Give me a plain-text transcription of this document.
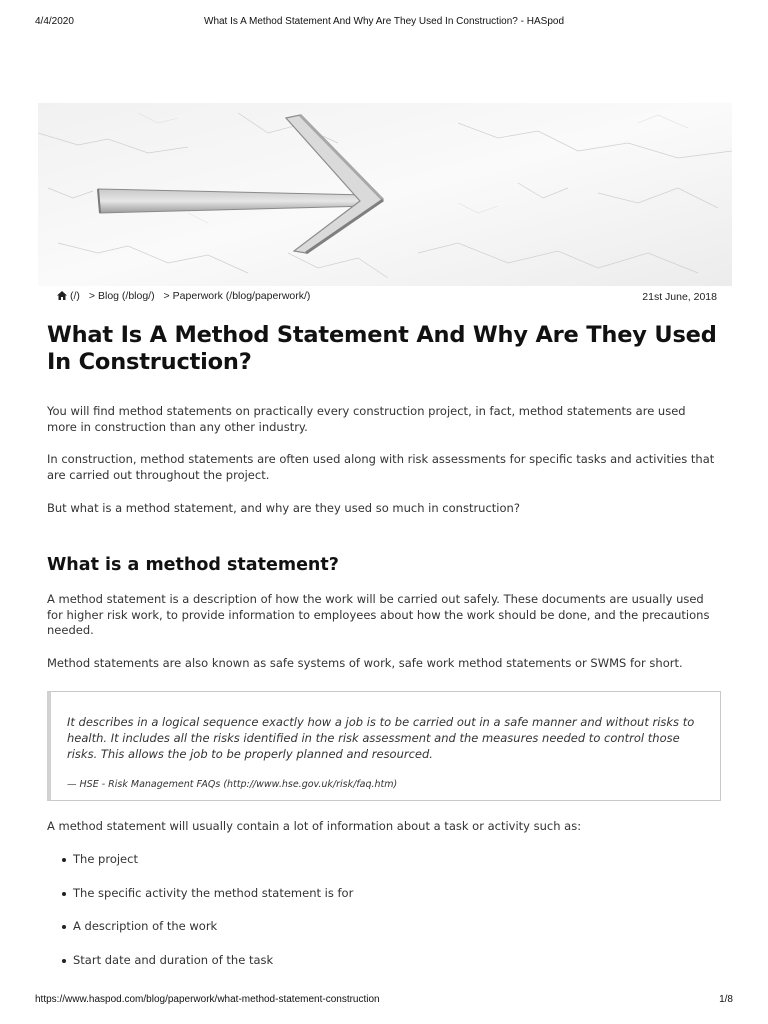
4/4/2020	What Is A Method Statement And Why Are They Used In Construction? - HASpod
(/) > Blog (/blog/) > Paperwork (/blog/paperwork/)	21st June, 2018
What Is A Method Statement And Why Are They Used In Construction?

You will find method statements on practically every construction project, in fact, method statements are used more in construction than any other industry.

In construction, method statements are often used along with risk assessments for specific tasks and activities that are carried out throughout the project.

But what is a method statement, and why are they used so much in construction?

What is a method statement?

A method statement is a description of how the work will be carried out safely. These documents are usually used for higher risk work, to provide information to employees about how the work should be done, and the precautions needed.

Method statements are also known as safe systems of work, safe work method statements or SWMS for short.

It describes in a logical sequence exactly how a job is to be carried out in a safe manner and without risks to health. It includes all the risks identified in the risk assessment and the measures needed to control those risks. This allows the job to be properly planned and resourced.

— HSE - Risk Management FAQs (http://www.hse.gov.uk/risk/faq.htm)

A method statement will usually contain a lot of information about a task or activity such as:

The project
The specific activity the method statement is for
A description of the work
Start date and duration of the task
https://www.haspod.com/blog/paperwork/what-method-statement-construction	1/8
